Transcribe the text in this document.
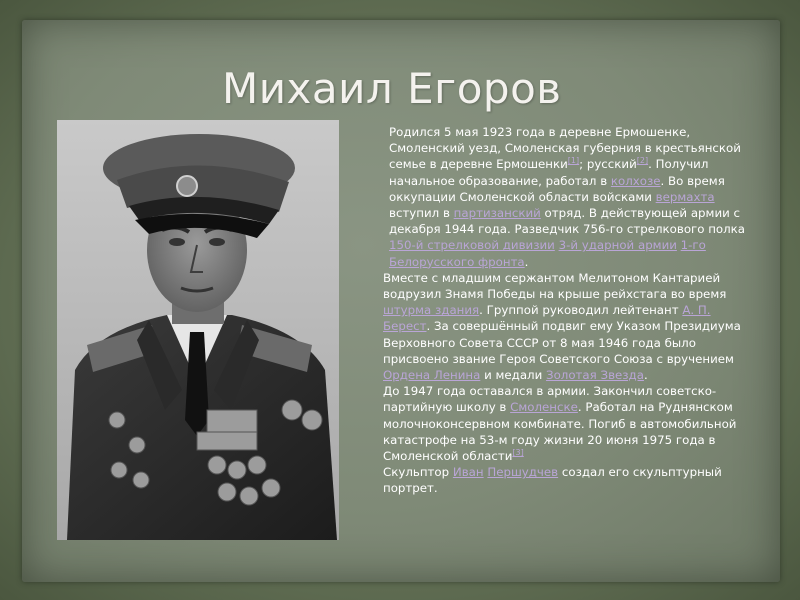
Михаил Егоров

Родился 5 мая 1923 года в деревне Ермошенке, Смоленский уезд, Смоленская губерния в крестьянской семье в деревне Ермошенки[1]; русский[2]. Получил начальное образование, работал в колхозе. Во время оккупации Смоленской области войсками вермахта вступил в партизанский отряд. В действующей армии с декабря 1944 года. Разведчик 756-го стрелкового полка 150-й стрелковой дивизии 3-й ударной армии 1-го Белорусского фронта.

Вместе с младшим сержантом Мелитоном Кантарией водрузил Знамя Победы на крыше рейхстага во время штурма здания. Группой руководил лейтенант А. П. Берест. За совершённый подвиг ему Указом Президиума Верховного Совета СССР от 8 мая 1946 года было присвоено звание Героя Советского Союза с вручением Ордена Ленина и медали Золотая Звезда.

До 1947 года оставался в армии. Закончил советско-партийную школу в Смоленске. Работал на Руднянском молочноконсервном комбинате. Погиб в автомобильной катастрофе на 53-м году жизни 20 июня 1975 года в Смоленской области[3]

Скульптор Иван Першудчев создал его скульптурный портрет.
